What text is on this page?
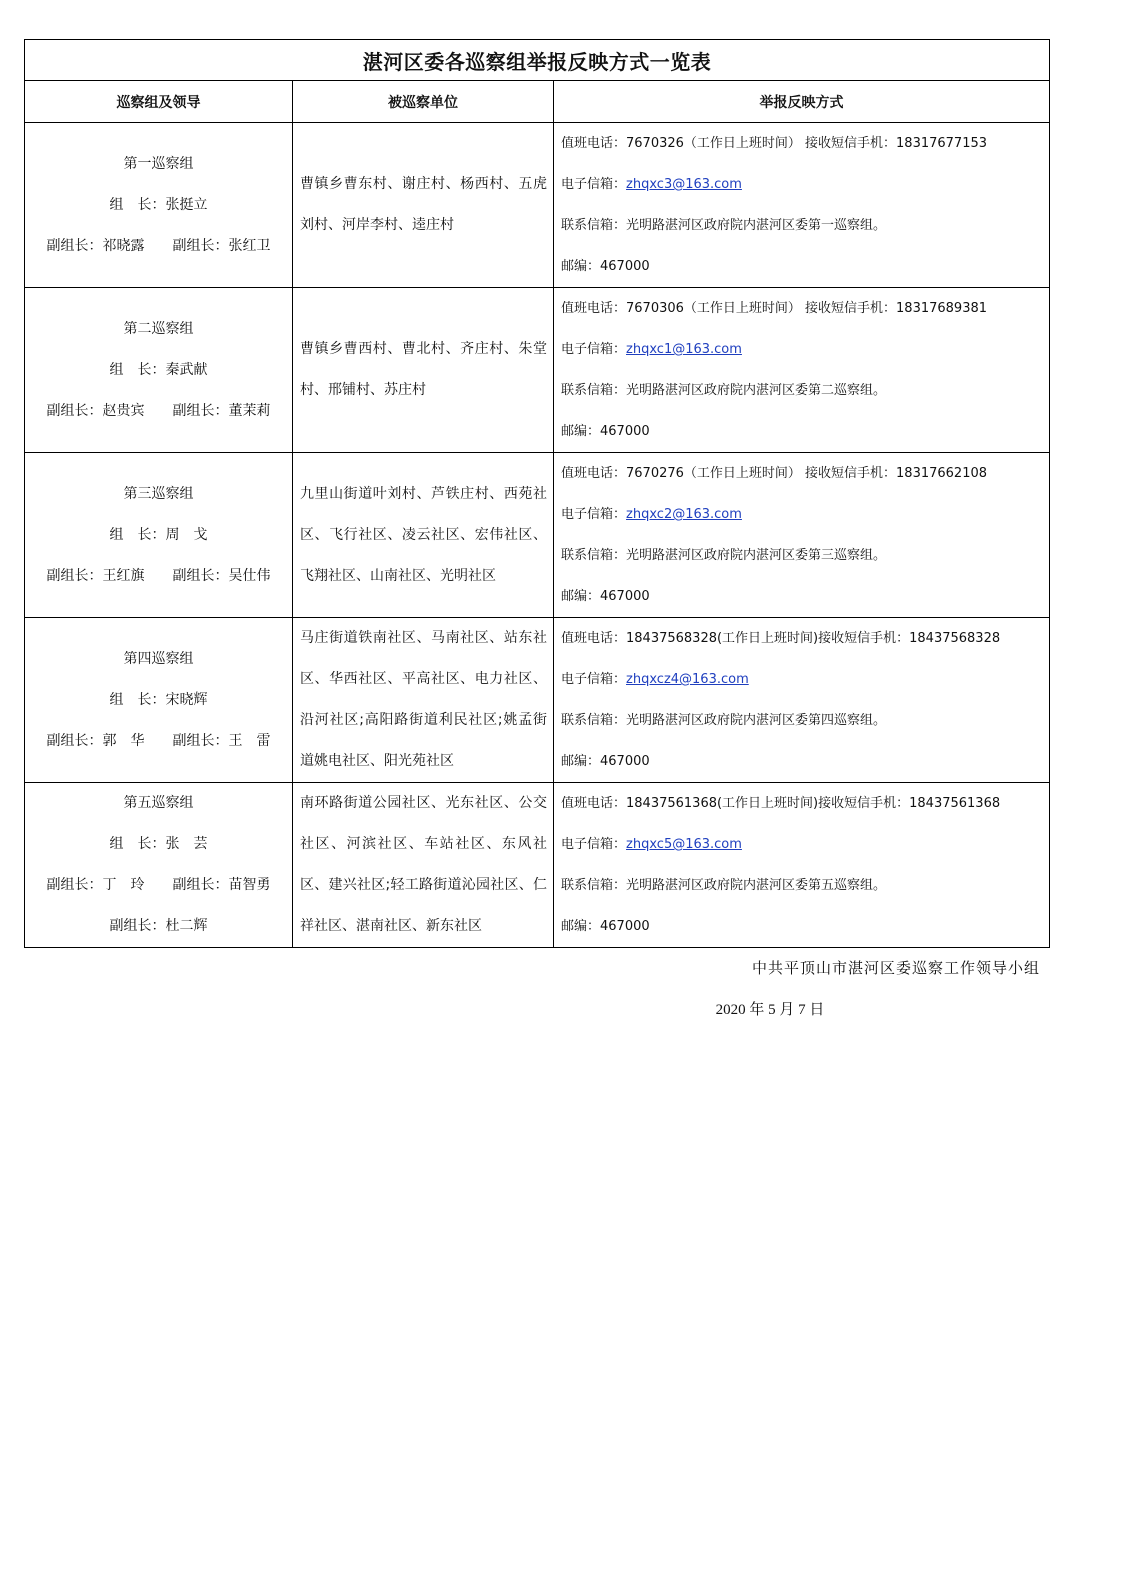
湛河区委各巡察组举报反映方式一览表		
巡察组及领导	被巡察单位	举报反映方式

第一巡察组
组　长：张挺立
副组长：祁晓露　　副组长：张红卫	曹镇乡曹东村、谢庄村、杨西村、五虎刘村、河岸李村、逵庄村	值班电话：7670326（工作日上班时间） 接收短信手机：18317677153
电子信箱：zhqxc3@163.com
联系信箱：光明路湛河区政府院内湛河区委第一巡察组。
邮编：467000

第二巡察组
组　长：秦武献
副组长：赵贵宾　　副组长：董茉莉	曹镇乡曹西村、曹北村、齐庄村、朱堂村、邢铺村、苏庄村	值班电话：7670306（工作日上班时间） 接收短信手机：18317689381
电子信箱：zhqxc1@163.com
联系信箱：光明路湛河区政府院内湛河区委第二巡察组。
邮编：467000

第三巡察组
组　长：周　戈
副组长：王红旗　　副组长：吴仕伟	九里山街道叶刘村、芦铁庄村、西苑社区、飞行社区、凌云社区、宏伟社区、飞翔社区、山南社区、光明社区	值班电话：7670276（工作日上班时间） 接收短信手机：18317662108
电子信箱：zhqxc2@163.com
联系信箱：光明路湛河区政府院内湛河区委第三巡察组。
邮编：467000

第四巡察组
组　长：宋晓辉
副组长：郭　华　　副组长：王　雷	马庄街道铁南社区、马南社区、站东社区、华西社区、平高社区、电力社区、沿河社区;高阳路街道利民社区;姚孟街道姚电社区、阳光苑社区	值班电话：18437568328(工作日上班时间)接收短信手机：18437568328
电子信箱：zhqxcz4@163.com
联系信箱：光明路湛河区政府院内湛河区委第四巡察组。
邮编：467000

第五巡察组
组　长：张　芸
副组长：丁　玲　　副组长：苗智勇
副组长：杜二辉	南环路街道公园社区、光东社区、公交社区、河滨社区、车站社区、东风社区、建兴社区;轻工路街道沁园社区、仁祥社区、湛南社区、新东社区	值班电话：18437561368(工作日上班时间)接收短信手机：18437561368
电子信箱：zhqxc5@163.com
联系信箱：光明路湛河区政府院内湛河区委第五巡察组。
邮编：467000
中共平顶山市湛河区委巡察工作领导小组
2020 年 5 月 7 日
